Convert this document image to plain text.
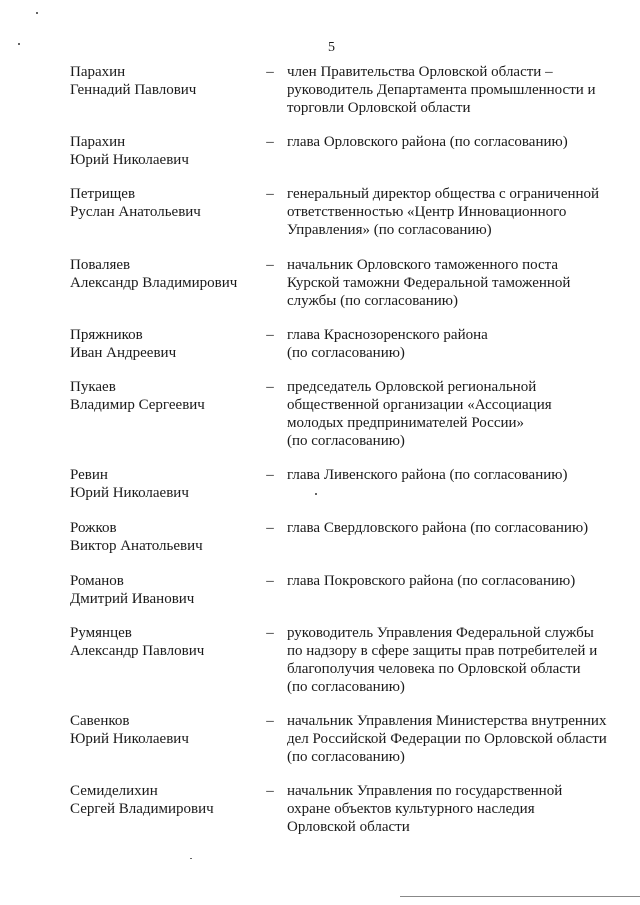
5
Парахин
Геннадий Павлович
– член Правительства Орловской области –
руководитель Департамента промышленности и
торговли Орловской области
Парахин
Юрий Николаевич
– глава Орловского района (по согласованию)
Петрищев
Руслан Анатольевич
– генеральный директор общества с ограниченной
ответственностью «Центр Инновационного
Управления» (по согласованию)
Поваляев
Александр Владимирович
– начальник Орловского таможенного поста
Курской таможни Федеральной таможенной
службы (по согласованию)
Пряжников
Иван Андреевич
– глава Краснозоренского района
(по согласованию)
Пукаев
Владимир Сергеевич
– председатель Орловской региональной
общественной организации «Ассоциация
молодых предпринимателей России»
(по согласованию)
Ревин
Юрий Николаевич
– глава Ливенского района (по согласованию)
Рожков
Виктор Анатольевич
– глава Свердловского района (по согласованию)
Романов
Дмитрий Иванович
– глава Покровского района (по согласованию)
Румянцев
Александр Павлович
– руководитель Управления Федеральной службы
по надзору в сфере защиты прав потребителей и
благополучия человека по Орловской области
(по согласованию)
Савенков
Юрий Николаевич
– начальник Управления Министерства внутренних
дел Российской Федерации по Орловской области
(по согласованию)
Семиделихин
Сергей Владимирович
– начальник Управления по государственной
охране объектов культурного наследия
Орловской области
